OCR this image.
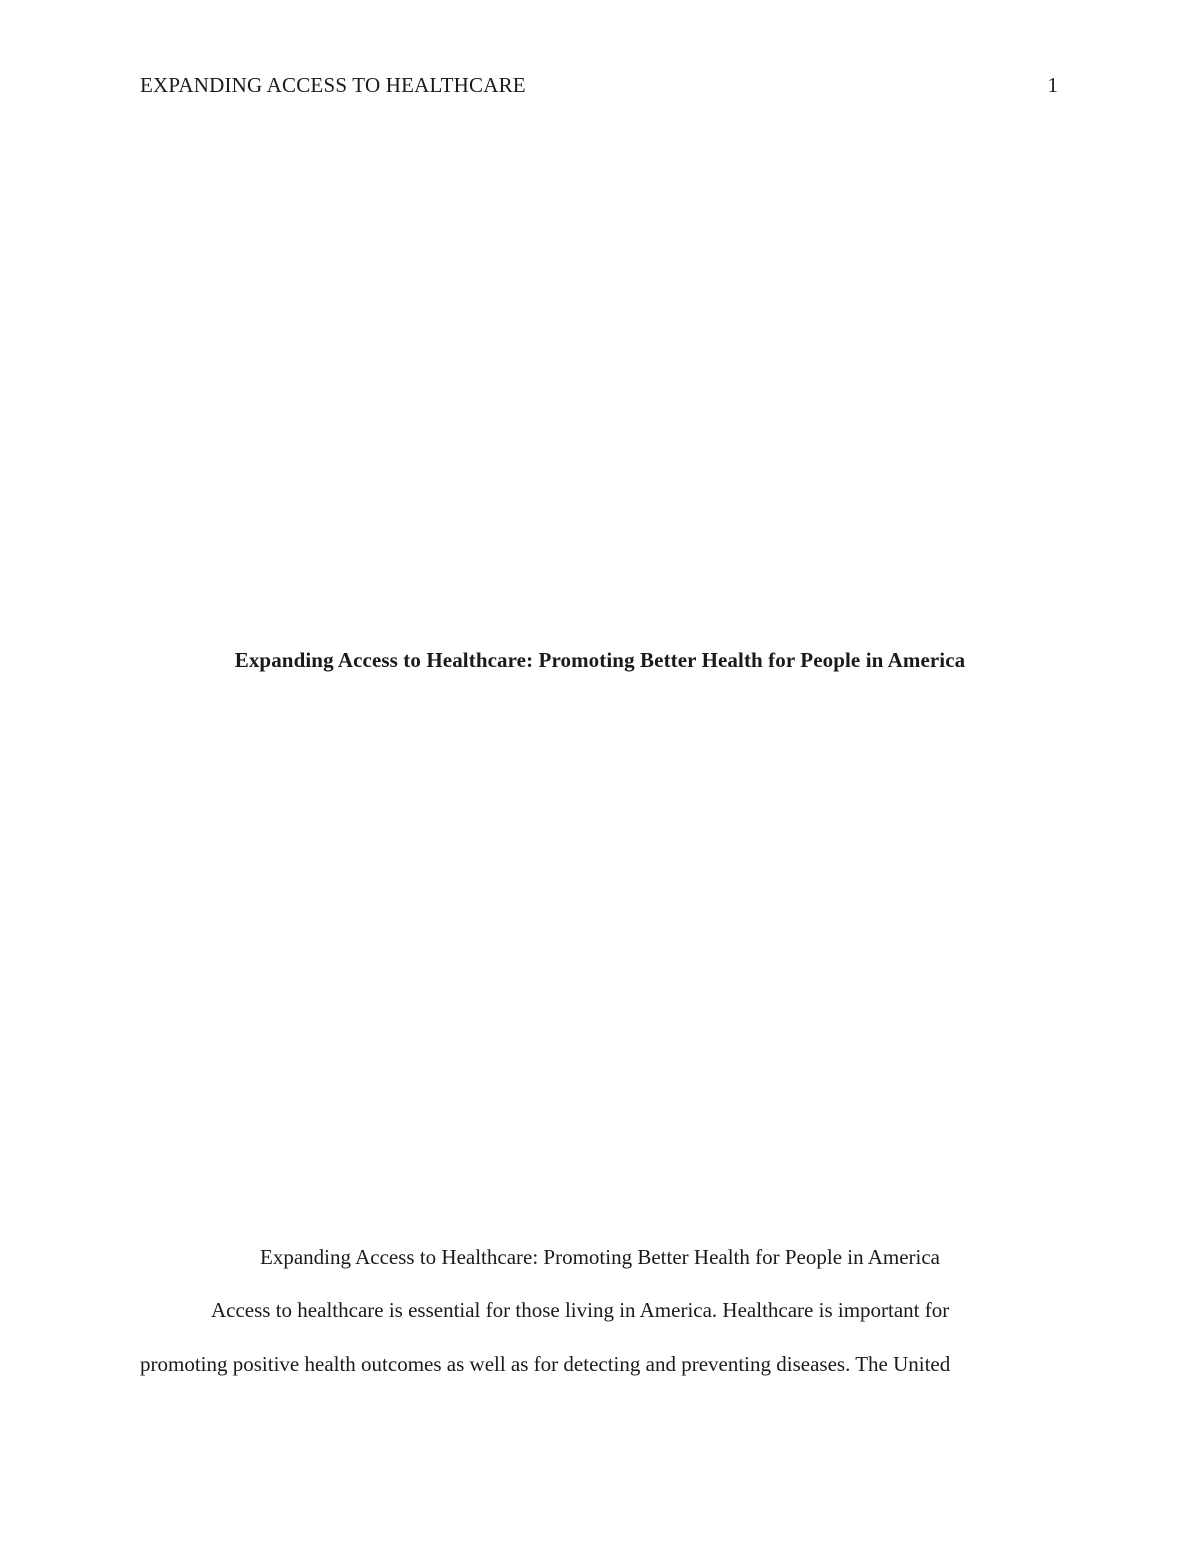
EXPANDING ACCESS TO HEALTHCARE	1
Expanding Access to Healthcare: Promoting Better Health for People in America
Expanding Access to Healthcare: Promoting Better Health for People in America
Access to healthcare is essential for those living in America. Healthcare is important for
promoting positive health outcomes as well as for detecting and preventing diseases. The United
